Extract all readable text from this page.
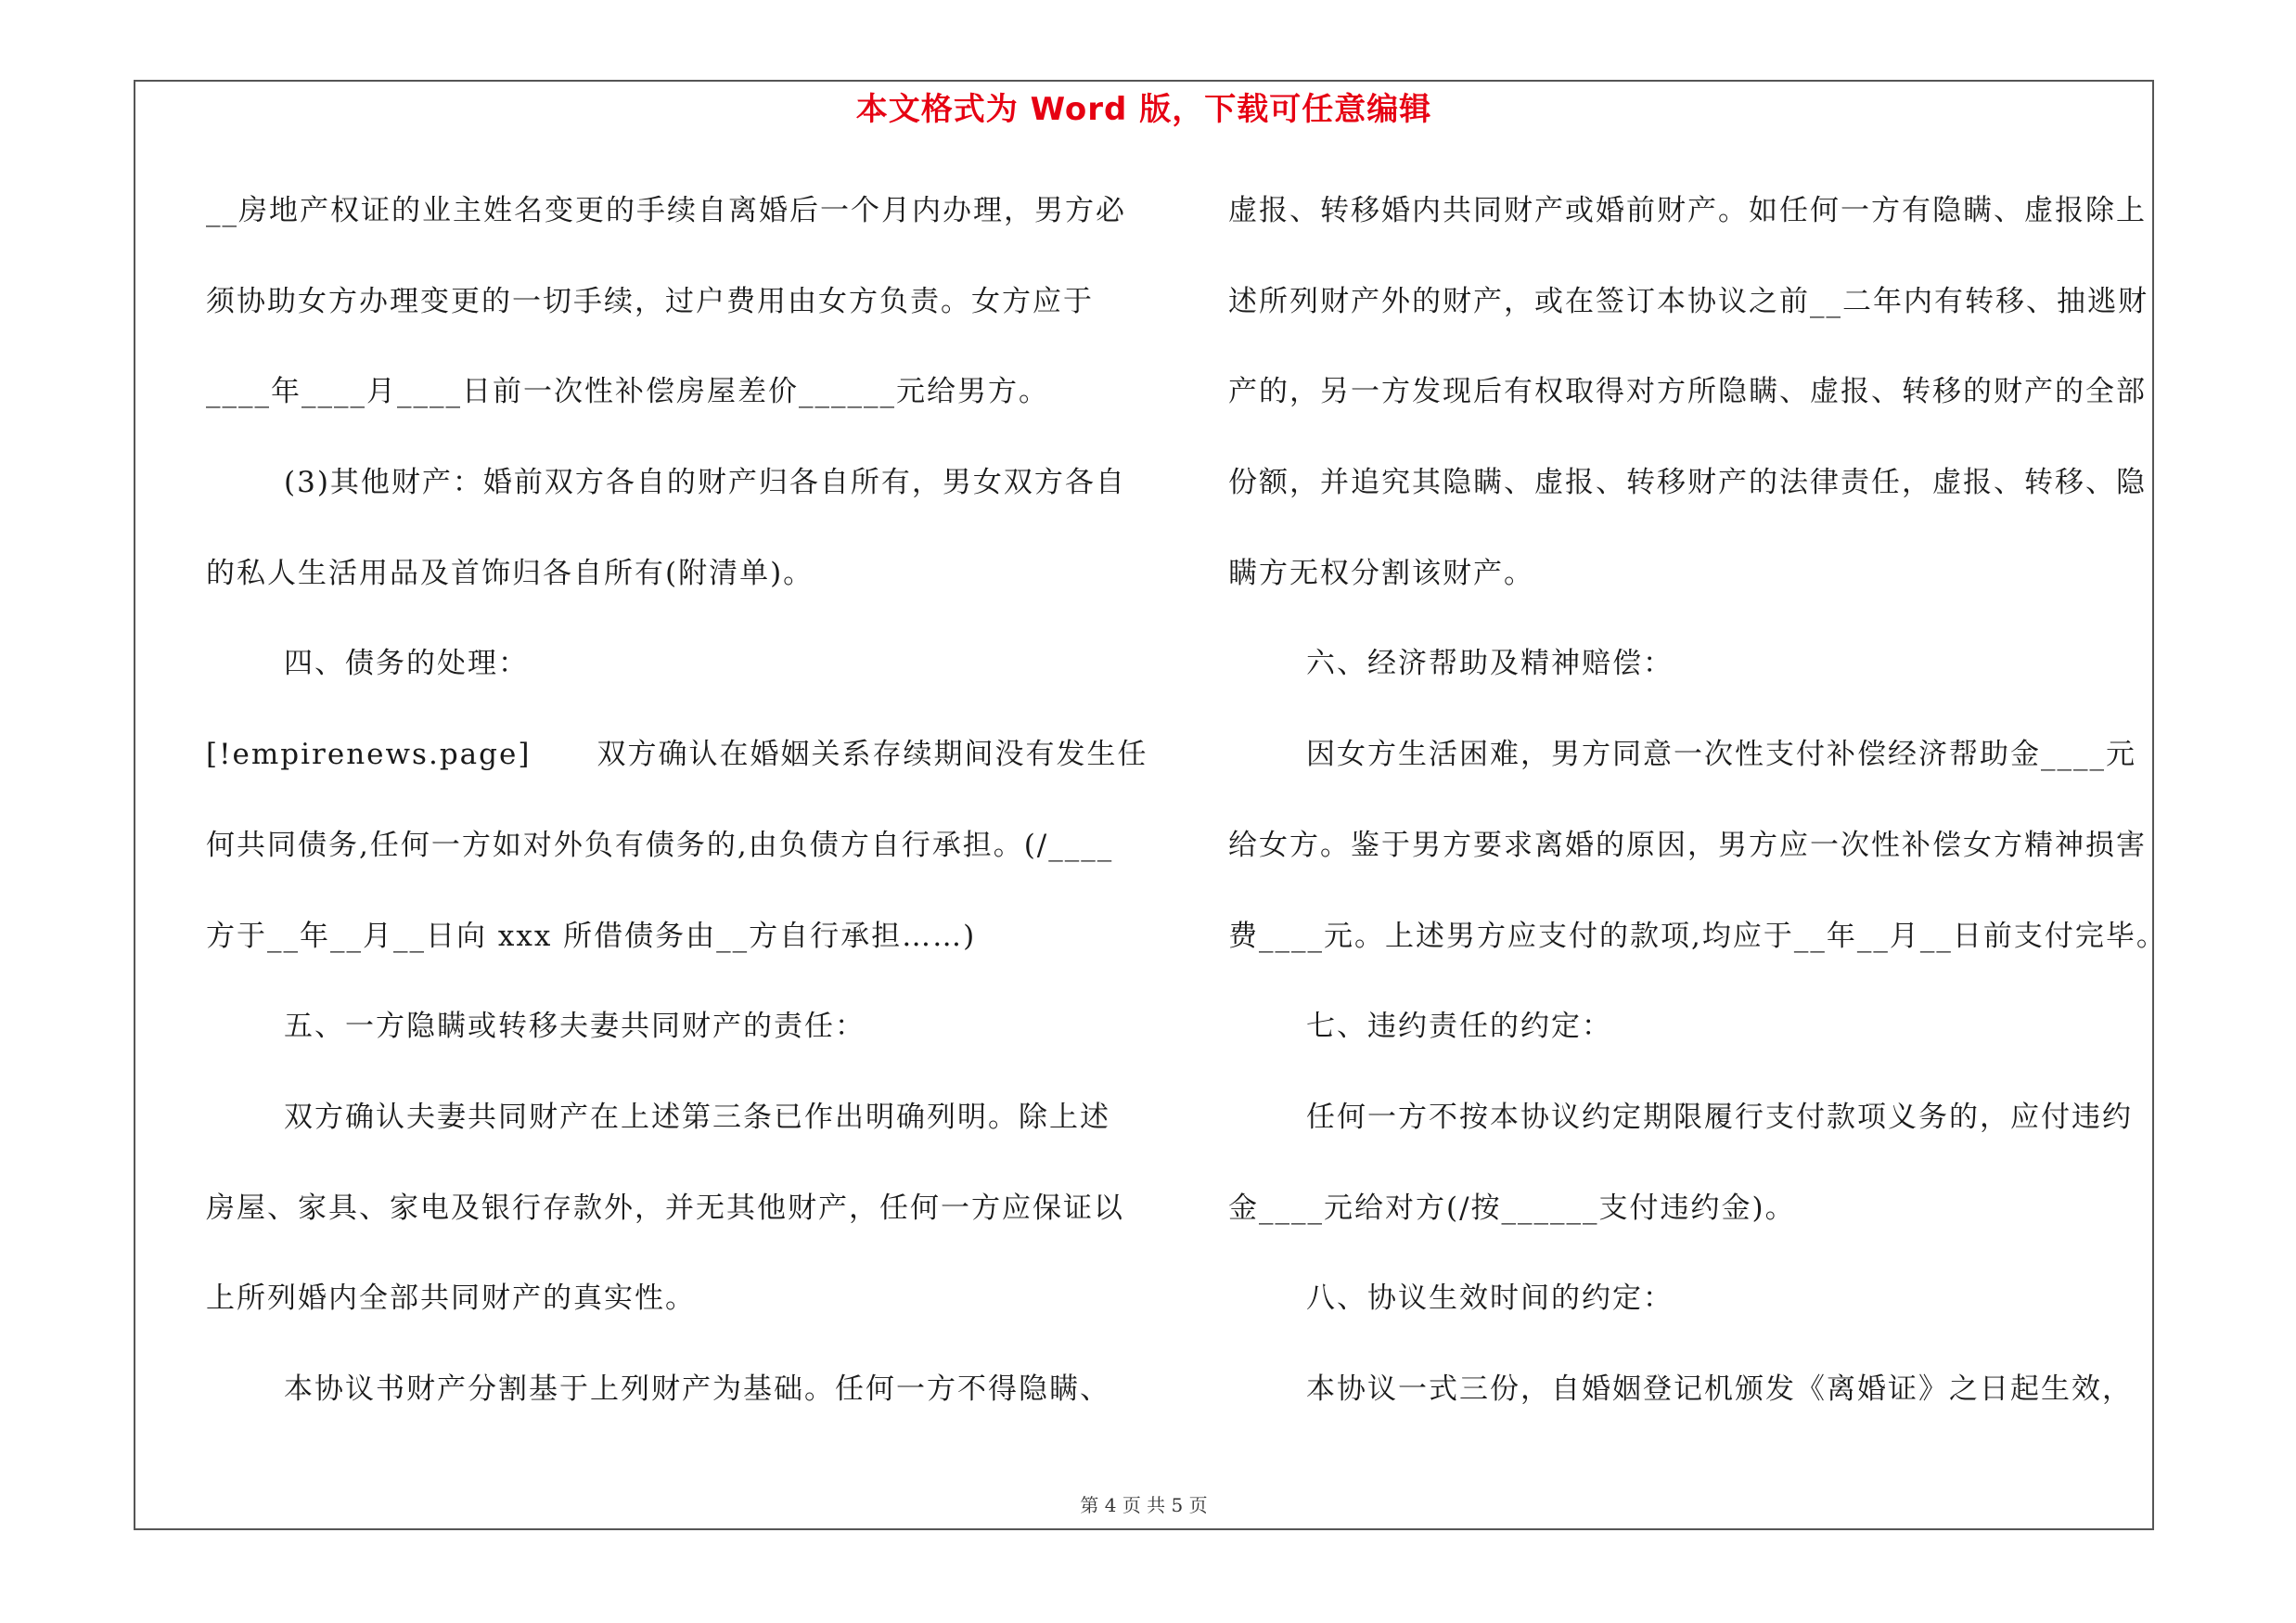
本文格式为 Word 版，下载可任意编辑
__房地产权证的业主姓名变更的手续自离婚后一个月内办理，男方必
须协助女方办理变更的一切手续，过户费用由女方负责。女方应于
____年____月____日前一次性补偿房屋差价______元给男方。
(3)其他财产：婚前双方各自的财产归各自所有，男女双方各自
的私人生活用品及首饰归各自所有(附清单)。
四、债务的处理：
[!empirenews.page]      双方确认在婚姻关系存续期间没有发生任
何共同债务,任何一方如对外负有债务的,由负债方自行承担。(/____
方于__年__月__日向 xxx 所借债务由__方自行承担……)
五、一方隐瞒或转移夫妻共同财产的责任：
双方确认夫妻共同财产在上述第三条已作出明确列明。除上述
房屋、家具、家电及银行存款外，并无其他财产，任何一方应保证以
上所列婚内全部共同财产的真实性。
本协议书财产分割基于上列财产为基础。任何一方不得隐瞒、
虚报、转移婚内共同财产或婚前财产。如任何一方有隐瞒、虚报除上
述所列财产外的财产，或在签订本协议之前__二年内有转移、抽逃财
产的，另一方发现后有权取得对方所隐瞒、虚报、转移的财产的全部
份额，并追究其隐瞒、虚报、转移财产的法律责任，虚报、转移、隐
瞒方无权分割该财产。
六、经济帮助及精神赔偿：
因女方生活困难，男方同意一次性支付补偿经济帮助金____元
给女方。鉴于男方要求离婚的原因，男方应一次性补偿女方精神损害
费____元。上述男方应支付的款项,均应于__年__月__日前支付完毕。
七、违约责任的约定：
任何一方不按本协议约定期限履行支付款项义务的，应付违约
金____元给对方(/按______支付违约金)。
八、协议生效时间的约定：
本协议一式三份，自婚姻登记机颁发《离婚证》之日起生效，
第 4 页 共 5 页
